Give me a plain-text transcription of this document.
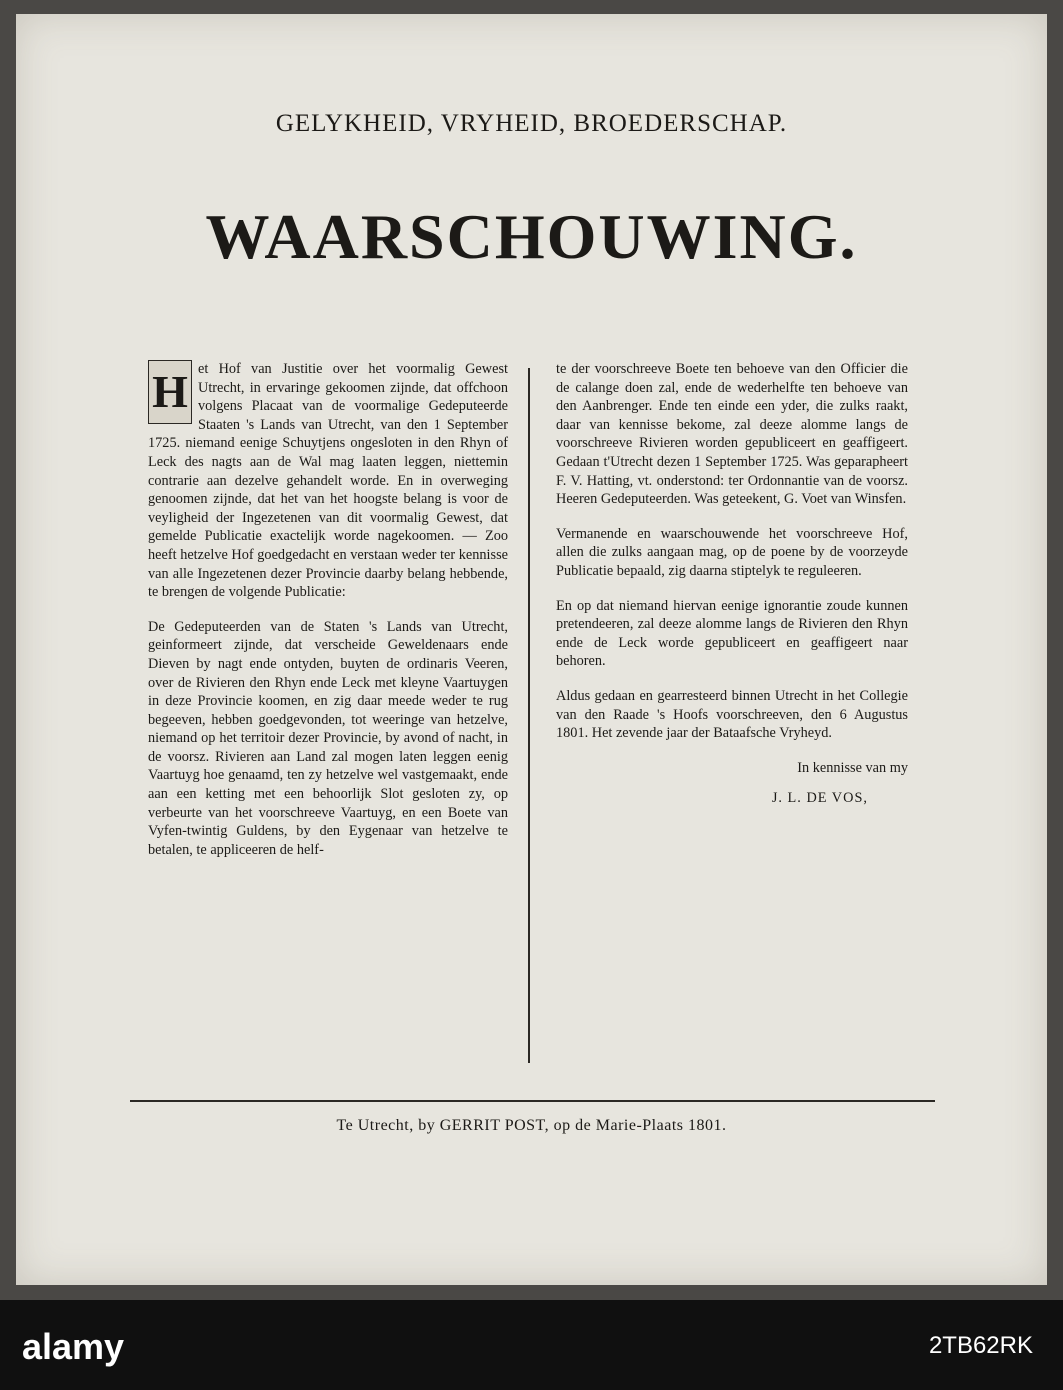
GELYKHEID, VRYHEID, BROEDERSCHAP.
WAARSCHOUWING.

H et Hof van Justitie over het voormalig Gewest Utrecht, in ervaringe gekoomen zijnde, dat offchoon volgens Placaat van de voormalige Gedeputeerde Staaten 's Lands van Utrecht, van den 1 September 1725. niemand eenige Schuytjens ongesloten in den Rhyn of Leck des nagts aan de Wal mag laaten leggen, niettemin contrarie aan dezelve gehandelt worde. En in overweging genoomen zijnde, dat het van het hoogste belang is voor de veyligheid der Ingezetenen van dit voormalig Gewest, dat gemelde Publicatie exactelijk worde nagekoomen. — Zoo heeft hetzelve Hof goedgedacht en verstaan weder ter kennisse van alle Ingezetenen dezer Provincie daarby belang hebbende, te brengen de volgende Publicatie:

De Gedeputeerden van de Staten 's Lands van Utrecht, geinformeert zijnde, dat verscheide Geweldenaars ende Dieven by nagt ende ontyden, buyten de ordinaris Veeren, over de Rivieren den Rhyn ende Leck met kleyne Vaartuygen in deze Provincie koomen, en zig daar meede weder te rug begeeven, hebben goedgevonden, tot weeringe van hetzelve, niemand op het territoir dezer Provincie, by avond of nacht, in de voorsz. Rivieren aan Land zal mogen laten leggen eenig Vaartuyg hoe genaamd, ten zy hetzelve wel vastgemaakt, ende aan een ketting met een behoorlijk Slot gesloten zy, op verbeurte van het voorschreeve Vaartuyg, en een Boete van Vyfen-twintig Guldens, by den Eygenaar van hetzelve te betalen, te appliceeren de helf-

te der voorschreeve Boete ten behoeve van den Officier die de calange doen zal, ende de wederhelfte ten behoeve van den Aanbrenger. Ende ten einde een yder, die zulks raakt, daar van kennisse bekome, zal deeze alomme langs de voorschreeve Rivieren worden gepubliceert en geaffigeert. Gedaan t'Utrecht dezen 1 September 1725. Was geparapheert F. V. Hatting, vt. onderstond: ter Ordonnantie van de voorsz. Heeren Gedeputeerden. Was geteekent, G. Voet van Winsfen.

Vermanende en waarschouwende het voorschreeve Hof, allen die zulks aangaan mag, op de poene by de voorzeyde Publicatie bepaald, zig daarna stiptelyk te reguleeren.

En op dat niemand hiervan eenige ignorantie zoude kunnen pretendeeren, zal deeze alomme langs de Rivieren den Rhyn ende de Leck worde gepubliceert en geaffigeert naar behoren.

Aldus gedaan en gearresteerd binnen Utrecht in het Collegie van den Raade 's Hoofs voorschreeven, den 6 Augustus 1801. Het zevende jaar der Bataafsche Vryheyd.

In kennisse van my

J. L. DE VOS,

Te Utrecht, by GERRIT POST, op de Marie-Plaats 1801.
alamy	2TB62RK
